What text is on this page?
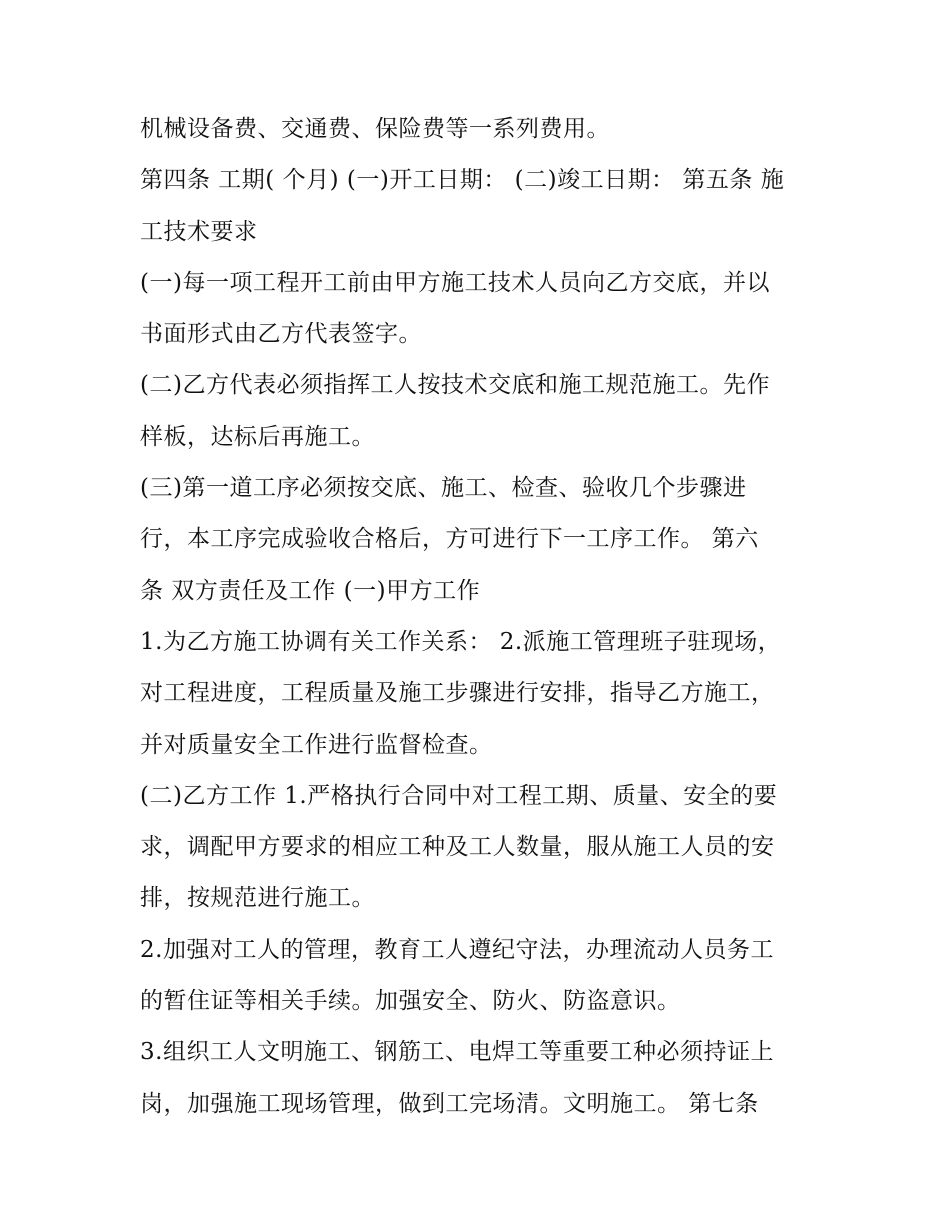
机械设备费、交通费、保险费等一系列费用。
第四条 工期( 个月) (一)开工日期： (二)竣工日期： 第五条 施
工技术要求
(一)每一项工程开工前由甲方施工技术人员向乙方交底，并以
书面形式由乙方代表签字。
(二)乙方代表必须指挥工人按技术交底和施工规范施工。先作
样板，达标后再施工。
(三)第一道工序必须按交底、施工、检查、验收几个步骤进
行，本工序完成验收合格后，方可进行下一工序工作。 第六
条 双方责任及工作 (一)甲方工作
1.为乙方施工协调有关工作关系： 2.派施工管理班子驻现场，
对工程进度，工程质量及施工步骤进行安排，指导乙方施工，
并对质量安全工作进行监督检查。
(二)乙方工作 1.严格执行合同中对工程工期、质量、安全的要
求，调配甲方要求的相应工种及工人数量，服从施工人员的安
排，按规范进行施工。
2.加强对工人的管理，教育工人遵纪守法，办理流动人员务工
的暂住证等相关手续。加强安全、防火、防盗意识。
3.组织工人文明施工、钢筋工、电焊工等重要工种必须持证上
岗，加强施工现场管理，做到工完场清。文明施工。 第七条
